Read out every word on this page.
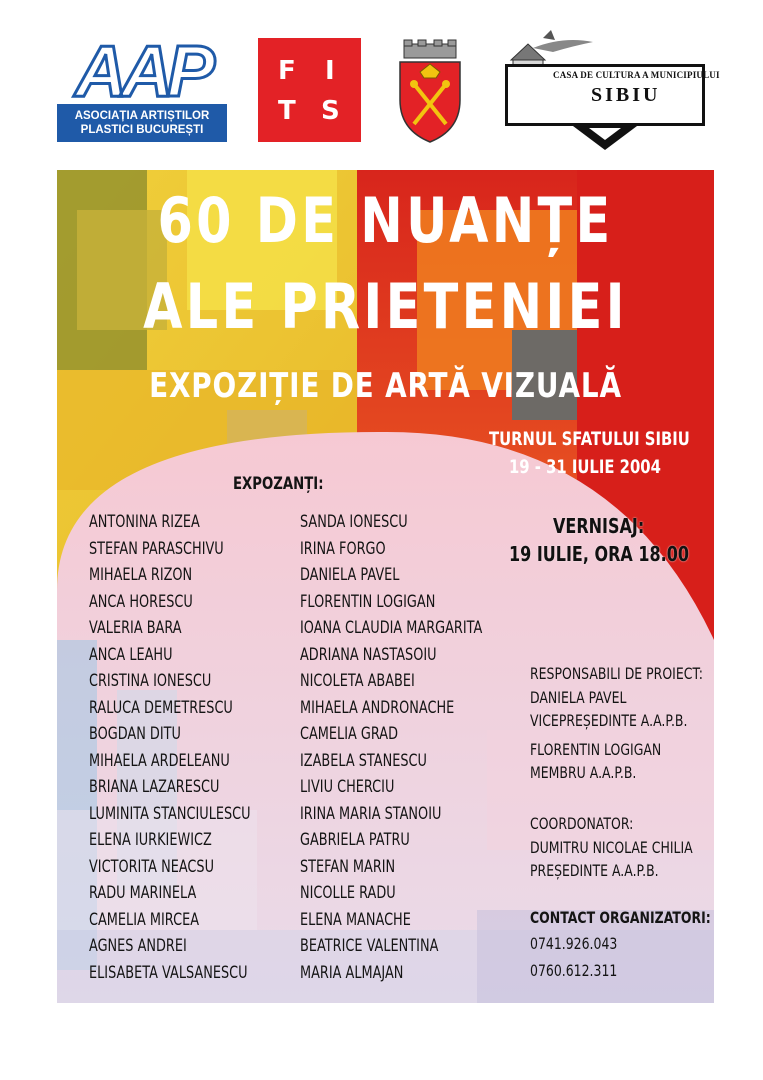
AAP
ASOCIAȚIA ARTIȘTILOR
PLASTICI BUCUREȘTI
F I
T S
CASA DE CULTURA A MUNICIPIULUI
SIBIU
60 DE NUANȚE
ALE PRIETENIEI
EXPOZIȚIE DE ARTĂ VIZUALĂ
TURNUL SFATULUI SIBIU
19 - 31 IULIE 2004
EXPOZANȚI:
ANTONINA RIZEA
STEFAN PARASCHIVU
MIHAELA RIZON
ANCA HORESCU
VALERIA BARA
ANCA LEAHU
CRISTINA IONESCU
RALUCA DEMETRESCU
BOGDAN DITU
MIHAELA ARDELEANU
BRIANA LAZARESCU
LUMINITA STANCIULESCU
ELENA IURKIEWICZ
VICTORITA NEACSU
RADU MARINELA
CAMELIA MIRCEA
AGNES ANDREI
ELISABETA VALSANESCU
SANDA IONESCU
IRINA FORGO
DANIELA PAVEL
FLORENTIN LOGIGAN
IOANA CLAUDIA MARGARITA
ADRIANA NASTASOIU
NICOLETA ABABEI
MIHAELA ANDRONACHE
CAMELIA GRAD
IZABELA STANESCU
LIVIU CHERCIU
IRINA MARIA STANOIU
GABRIELA PATRU
STEFAN MARIN
NICOLLE RADU
ELENA MANACHE
BEATRICE VALENTINA
MARIA ALMAJAN
VERNISAJ:
19 IULIE, ORA 18.00
RESPONSABILI DE PROIECT:
DANIELA PAVEL
VICEPREȘEDINTE A.A.P.B.
FLORENTIN LOGIGAN
MEMBRU A.A.P.B.
COORDONATOR:
DUMITRU NICOLAE CHILIA
PREȘEDINTE A.A.P.B.
CONTACT ORGANIZATORI:
0741.926.043
0760.612.311
